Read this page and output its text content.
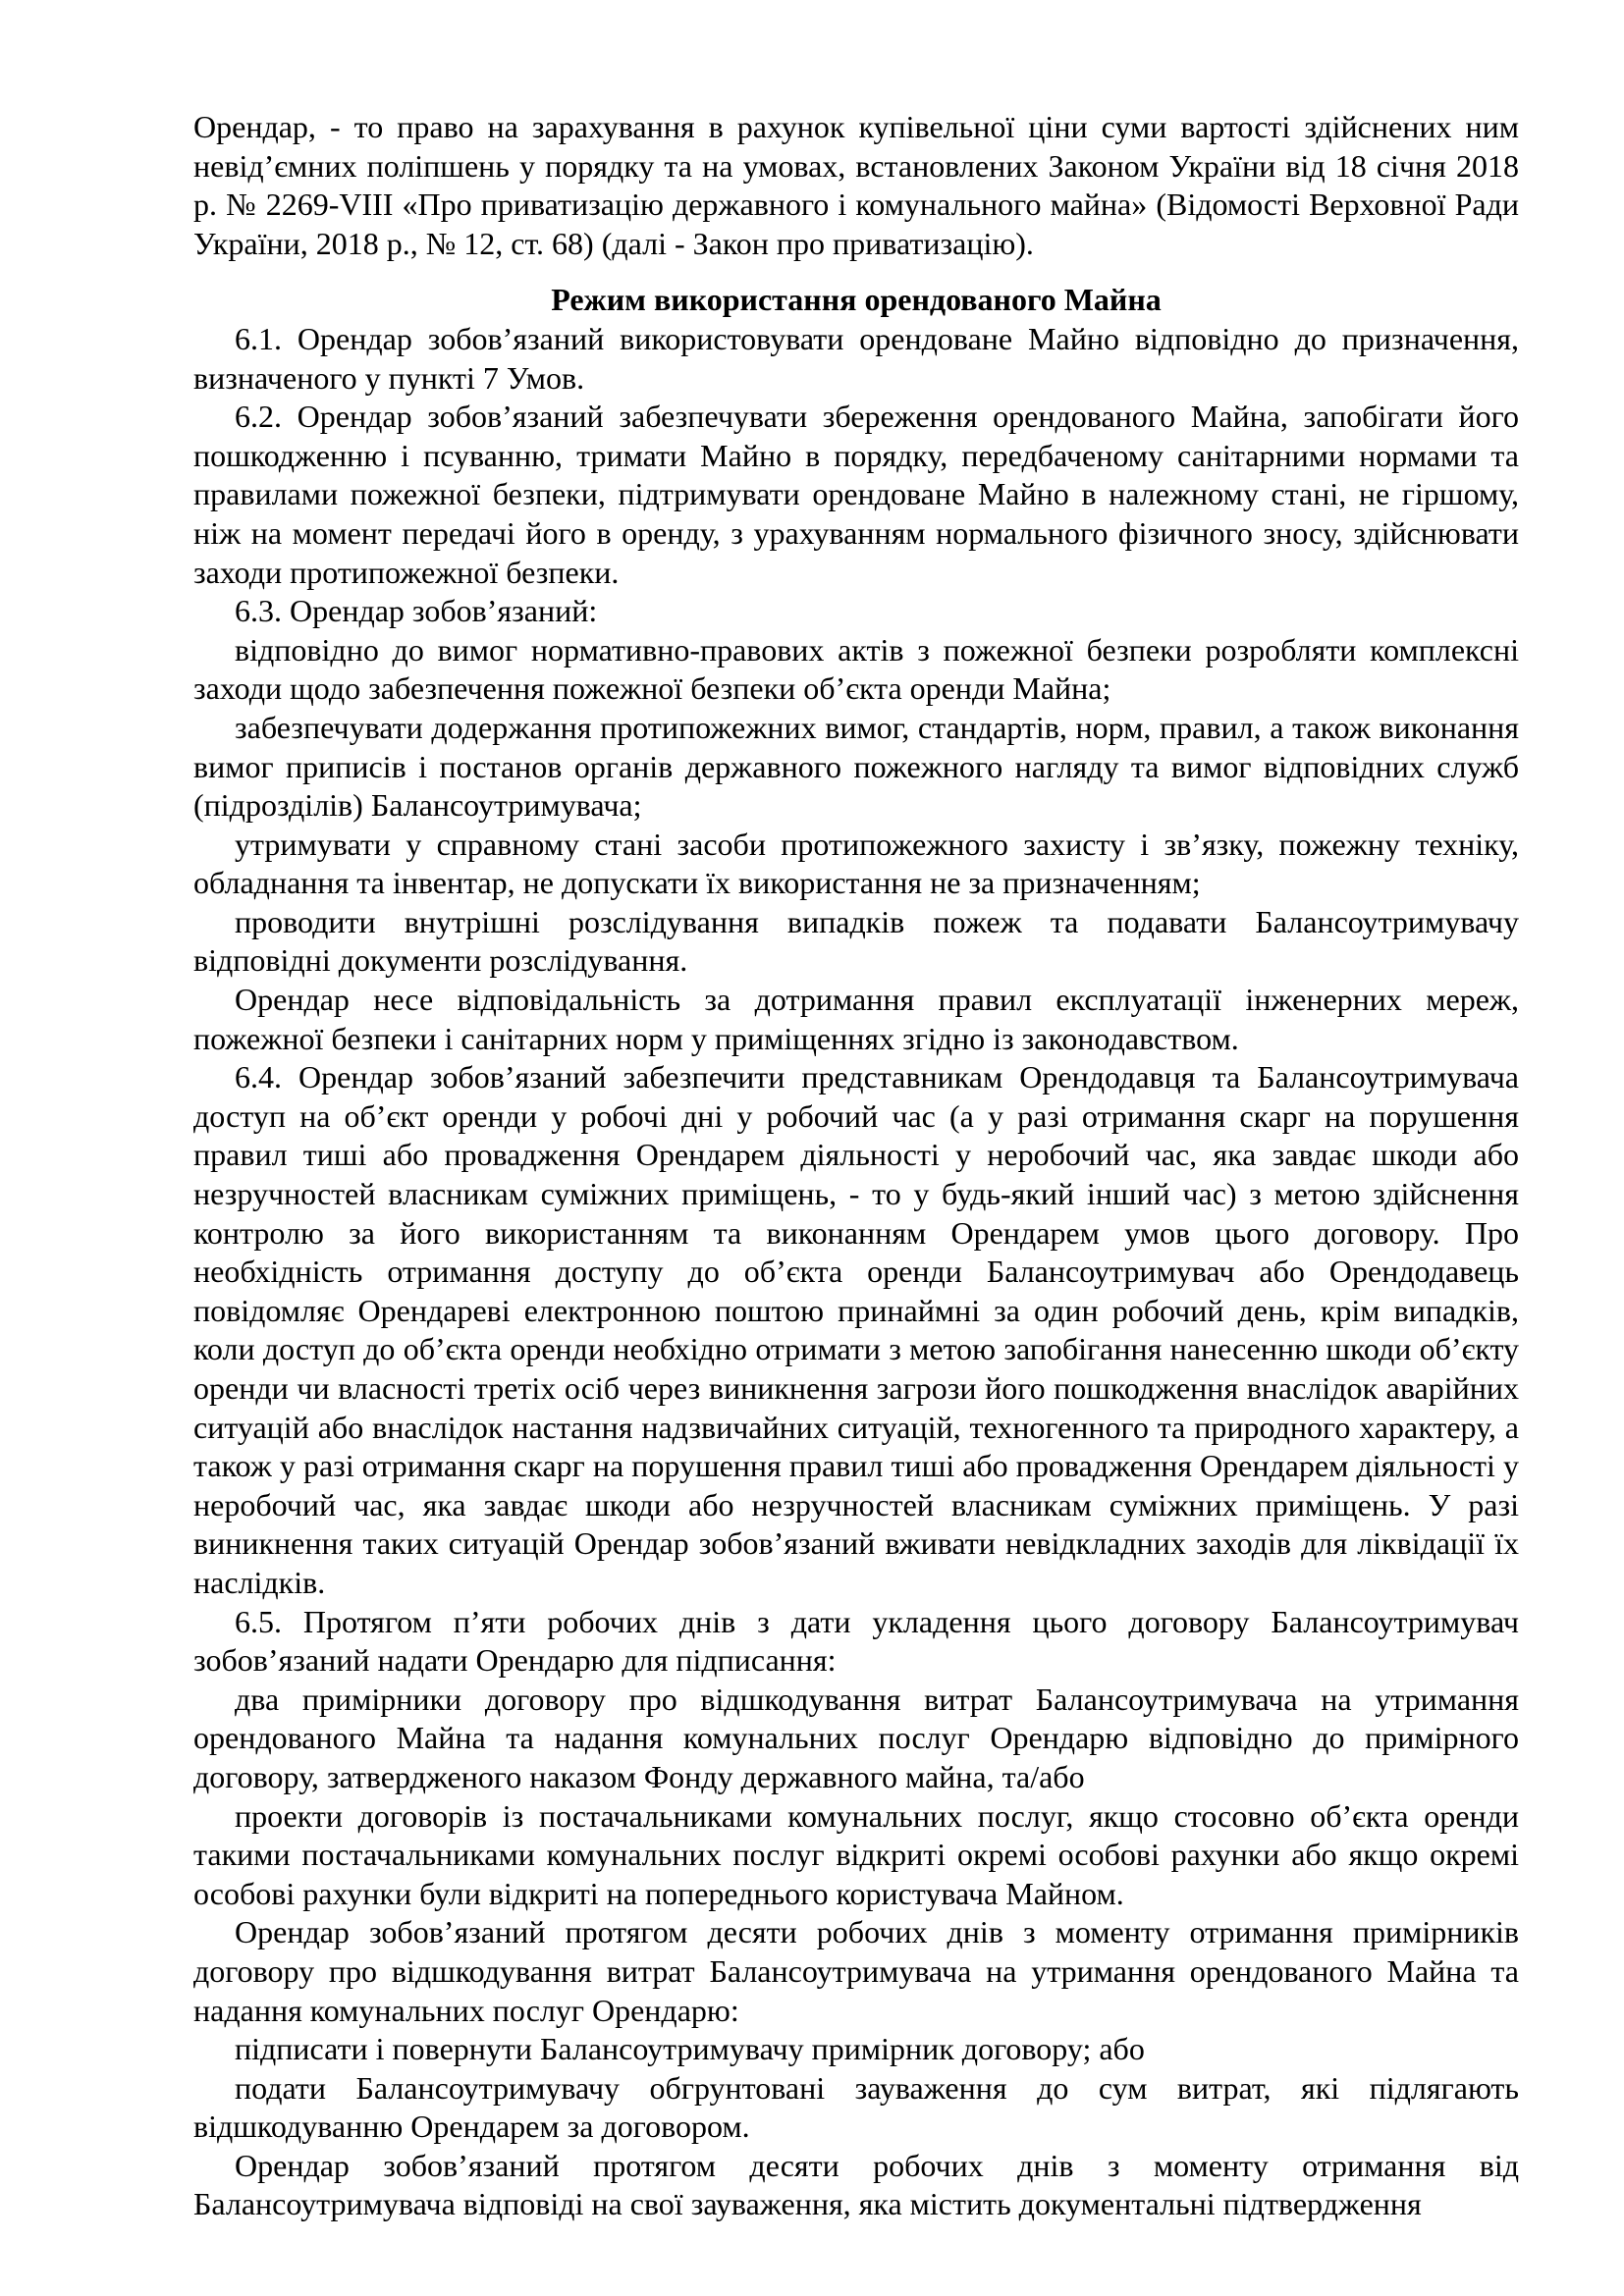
Орендар, - то право на зарахування в рахунок купівельної ціни суми вартості здійснених ним невід’ємних поліпшень у порядку та на умовах, встановлених Законом України від 18 січня 2018 р. № 2269-VIII «Про приватизацію державного і комунального майна» (Відомості Верховної Ради України, 2018 р., № 12, ст. 68) (далі - Закон про приватизацію).

Режим використання орендованого Майна

6.1. Орендар зобов’язаний використовувати орендоване Майно відповідно до призначення, визначеного у пункті 7 Умов.

6.2. Орендар зобов’язаний забезпечувати збереження орендованого Майна, запобігати його пошкодженню і псуванню, тримати Майно в порядку, передбаченому санітарними нормами та правилами пожежної безпеки, підтримувати орендоване Майно в належному стані, не гіршому, ніж на момент передачі його в оренду, з урахуванням нормального фізичного зносу, здійснювати заходи протипожежної безпеки.

6.3. Орендар зобов’язаний:

відповідно до вимог нормативно-правових актів з пожежної безпеки розробляти комплексні заходи щодо забезпечення пожежної безпеки об’єкта оренди Майна;

забезпечувати додержання протипожежних вимог, стандартів, норм, правил, а також виконання вимог приписів і постанов органів державного пожежного нагляду та вимог відповідних служб (підрозділів) Балансоутримувача;

утримувати у справному стані засоби протипожежного захисту і зв’язку, пожежну техніку, обладнання та інвентар, не допускати їх використання не за призначенням;

проводити внутрішні розслідування випадків пожеж та подавати Балансоутримувачу відповідні документи розслідування.

Орендар несе відповідальність за дотримання правил експлуатації інженерних мереж, пожежної безпеки і санітарних норм у приміщеннях згідно із законодавством.

6.4. Орендар зобов’язаний забезпечити представникам Орендодавця та Балансоутримувача доступ на об’єкт оренди у робочі дні у робочий час (а у разі отримання скарг на порушення правил тиші або провадження Орендарем діяльності у неробочий час, яка завдає шкоди або незручностей власникам суміжних приміщень, - то у будь-який інший час) з метою здійснення контролю за його використанням та виконанням Орендарем умов цього договору. Про необхідність отримання доступу до об’єкта оренди Балансоутримувач або Орендодавець повідомляє Орендареві електронною поштою принаймні за один робочий день, крім випадків, коли доступ до об’єкта оренди необхідно отримати з метою запобігання нанесенню шкоди об’єкту оренди чи власності третіх осіб через виникнення загрози його пошкодження внаслідок аварійних ситуацій або внаслідок настання надзвичайних ситуацій, техногенного та природного характеру, а також у разі отримання скарг на порушення правил тиші або провадження Орендарем діяльності у неробочий час, яка завдає шкоди або незручностей власникам суміжних приміщень. У разі виникнення таких ситуацій Орендар зобов’язаний вживати невідкладних заходів для ліквідації їх наслідків.

6.5. Протягом п’яти робочих днів з дати укладення цього договору Балансоутримувач зобов’язаний надати Орендарю для підписання:

два примірники договору про відшкодування витрат Балансоутримувача на утримання орендованого Майна та надання комунальних послуг Орендарю відповідно до примірного договору, затвердженого наказом Фонду державного майна, та/або

проекти договорів із постачальниками комунальних послуг, якщо стосовно об’єкта оренди такими постачальниками комунальних послуг відкриті окремі особові рахунки або якщо окремі особові рахунки були відкриті на попереднього користувача Майном.

Орендар зобов’язаний протягом десяти робочих днів з моменту отримання примірників договору про відшкодування витрат Балансоутримувача на утримання орендованого Майна та надання комунальних послуг Орендарю:

підписати і повернути Балансоутримувачу примірник договору; або

подати Балансоутримувачу обгрунтовані зауваження до сум витрат, які підлягають відшкодуванню Орендарем за договором.

Орендар зобов’язаний протягом десяти робочих днів з моменту отримання від Балансоутримувача відповіді на свої зауваження, яка містить документальні підтвердження
